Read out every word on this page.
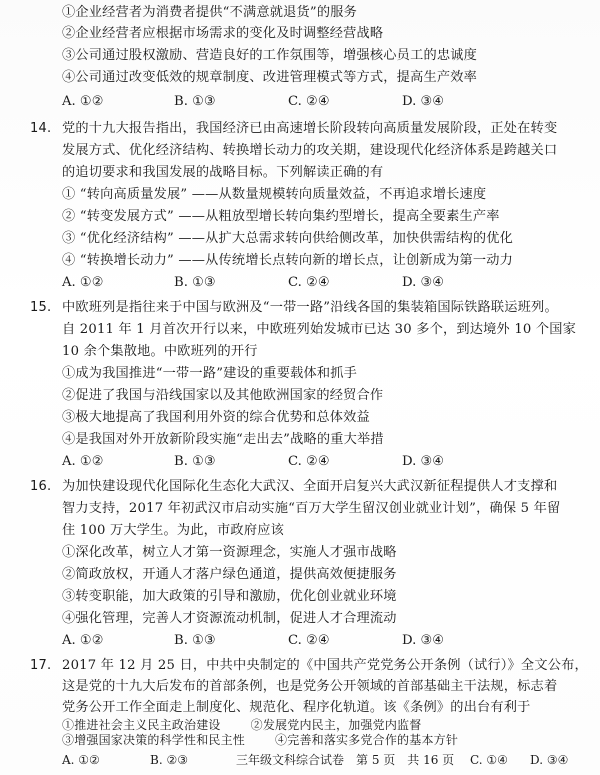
①企业经营者为消费者提供“不满意就退货”的服务
②企业经营者应根据市场需求的变化及时调整经营战略
③公司通过股权激励、营造良好的工作氛围等，增强核心员工的忠诚度
④公司通过改变低效的规章制度、改进管理模式等方式，提高生产效率
A. ①②	B. ①③	C. ②④	D. ③④
14. 党的十九大报告指出，我国经济已由高速增长阶段转向高质量发展阶段，正处在转变
发展方式、优化经济结构、转换增长动力的攻关期，建设现代化经济体系是跨越关口
的追切要求和我国发展的战略目标。下列解读正确的有
① “转向高质量发展” ——从数量规模转向质量效益，不再追求增长速度
② “转变发展方式” ——从粗放型增长转向集约型增长，提高全要素生产率
③ “优化经济结构” ——从扩大总需求转向供给侧改革，加快供需结构的优化
④ “转换增长动力” ——从传统增长点转向新的增长点，让创新成为第一动力
A. ①②	B. ①③	C. ②④	D. ③④
15. 中欧班列是指往来于中国与欧洲及“一带一路”沿线各国的集装箱国际铁路联运班列。
自 2011 年 1 月首次开行以来，中欧班列始发城市已达 30 多个，到达境外 10 个国家
10 余个集散地。中欧班列的开行
①成为我国推进“一带一路”建设的重要载体和抓手
②促进了我国与沿线国家以及其他欧洲国家的经贸合作
③极大地提高了我国利用外资的综合优势和总体效益
④是我国对外开放新阶段实施“走出去”战略的重大举措
A. ①②	B. ①③	C. ②④	D. ③④
16. 为加快建设现代化国际化生态化大武汉、全面开启复兴大武汉新征程提供人才支撑和
智力支持，2017 年初武汉市启动实施“百万大学生留汉创业就业计划”，确保 5 年留
住 100 万大学生。为此，市政府应该
①深化改革，树立人才第一资源理念，实施人才强市战略
②简政放权，开通人才落户绿色通道，提供高效便捷服务
③转变职能，加大政策的引导和激励，优化创业就业环境
④强化管理，完善人才资源流动机制，促进人才合理流动
A. ①②	B. ①③	C. ②④	D. ③④
17. 2017 年 12 月 25 日，中共中央制定的《中国共产党党务公开条例（试行）》全文公布，
这是党的十九大后发布的首部条例，也是党务公开领域的首部基础主干法规，标志着
党务公开工作全面走上制度化、规范化、程序化轨道。该《条例》的出台有利于
①推进社会主义民主政治建设	②发展党内民主，加强党内监督
③增强国家决策的科学性和民主性	④完善和落实多党合作的基本方针
A. ①②	B. ②③	三年级文科综合试卷　第 5 页　共 16 页 C. ①④ D. ③④
